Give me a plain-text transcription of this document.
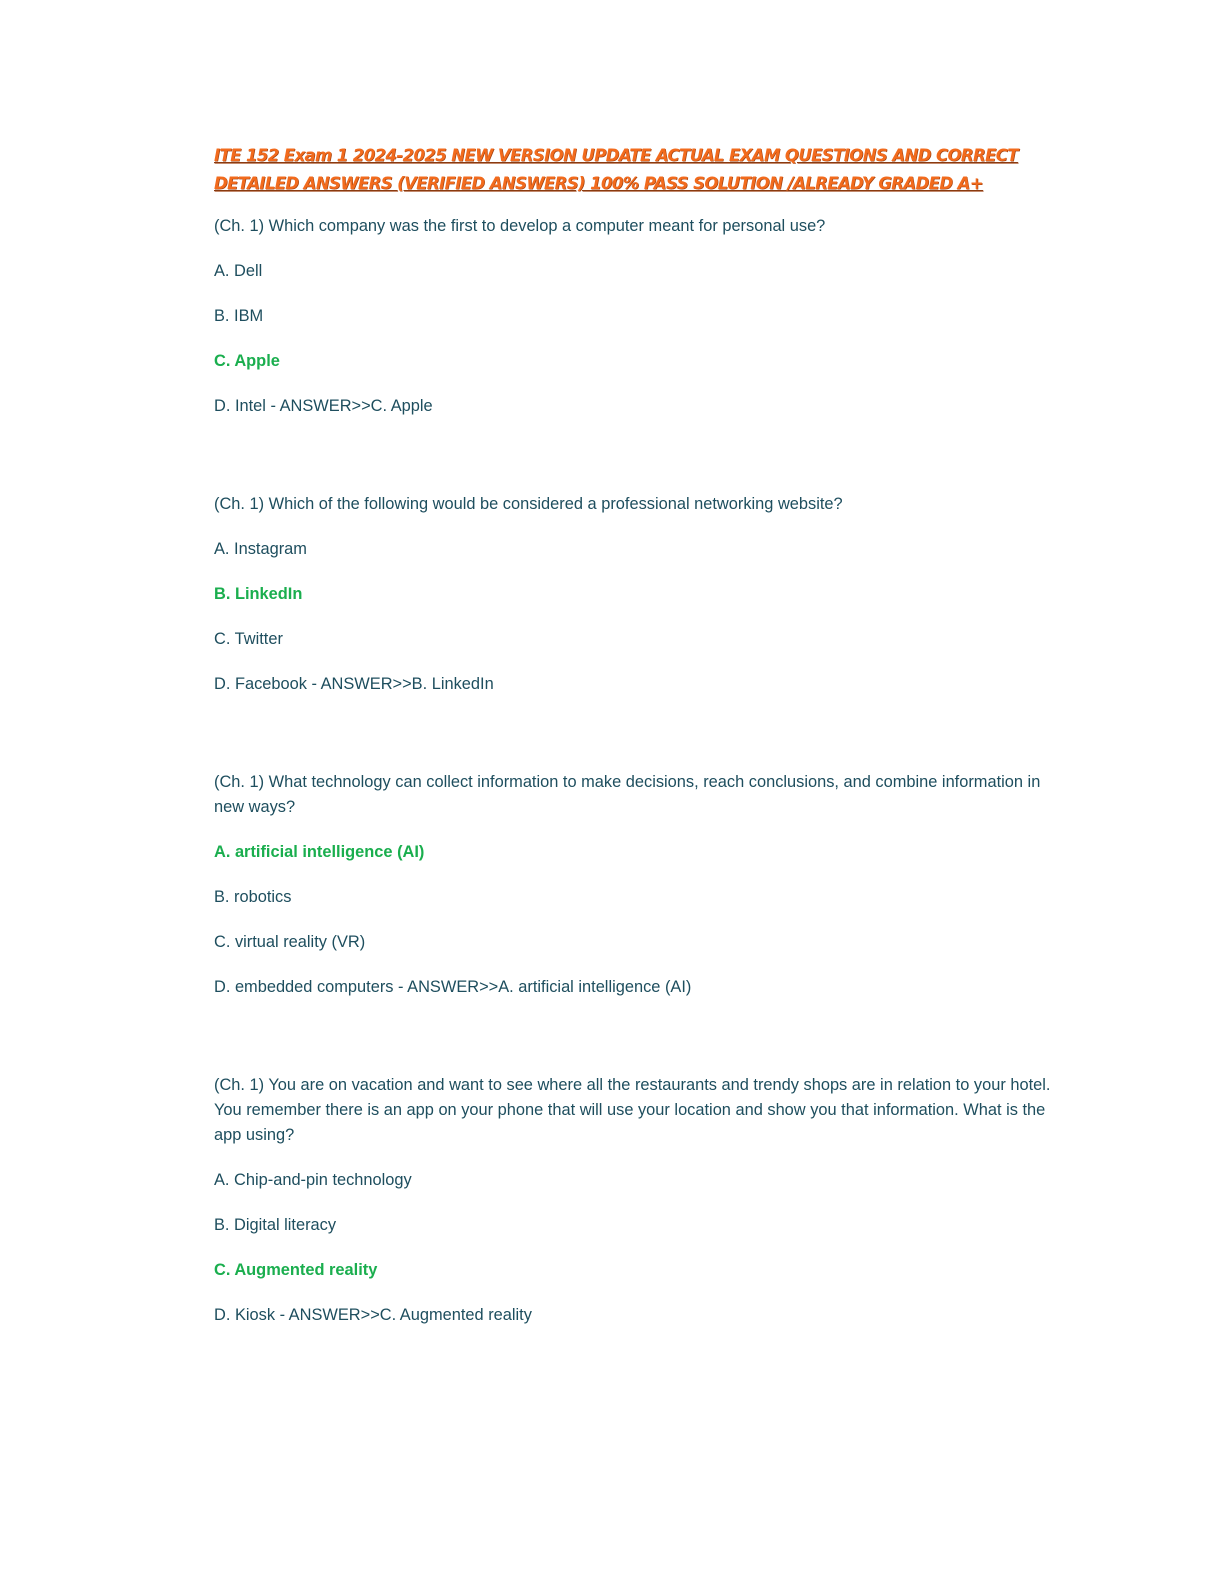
ITE 152 Exam 1 2024-2025 NEW VERSION UPDATE ACTUAL EXAM QUESTIONS AND CORRECT DETAILED ANSWERS (VERIFIED ANSWERS) 100% PASS SOLUTION /ALREADY GRADED A+

(Ch. 1) Which company was the first to develop a computer meant for personal use?

A. Dell

B. IBM

C. Apple

D. Intel - ANSWER>>C. Apple

(Ch. 1) Which of the following would be considered a professional networking website?

A. Instagram

B. LinkedIn

C. Twitter

D. Facebook - ANSWER>>B. LinkedIn

(Ch. 1) What technology can collect information to make decisions, reach conclusions, and combine information in new ways?

A. artificial intelligence (AI)

B. robotics

C. virtual reality (VR)

D. embedded computers - ANSWER>>A. artificial intelligence (AI)

(Ch. 1) You are on vacation and want to see where all the restaurants and trendy shops are in relation to your hotel. You remember there is an app on your phone that will use your location and show you that information. What is the app using?

A. Chip-and-pin technology

B. Digital literacy

C. Augmented reality

D. Kiosk - ANSWER>>C. Augmented reality
